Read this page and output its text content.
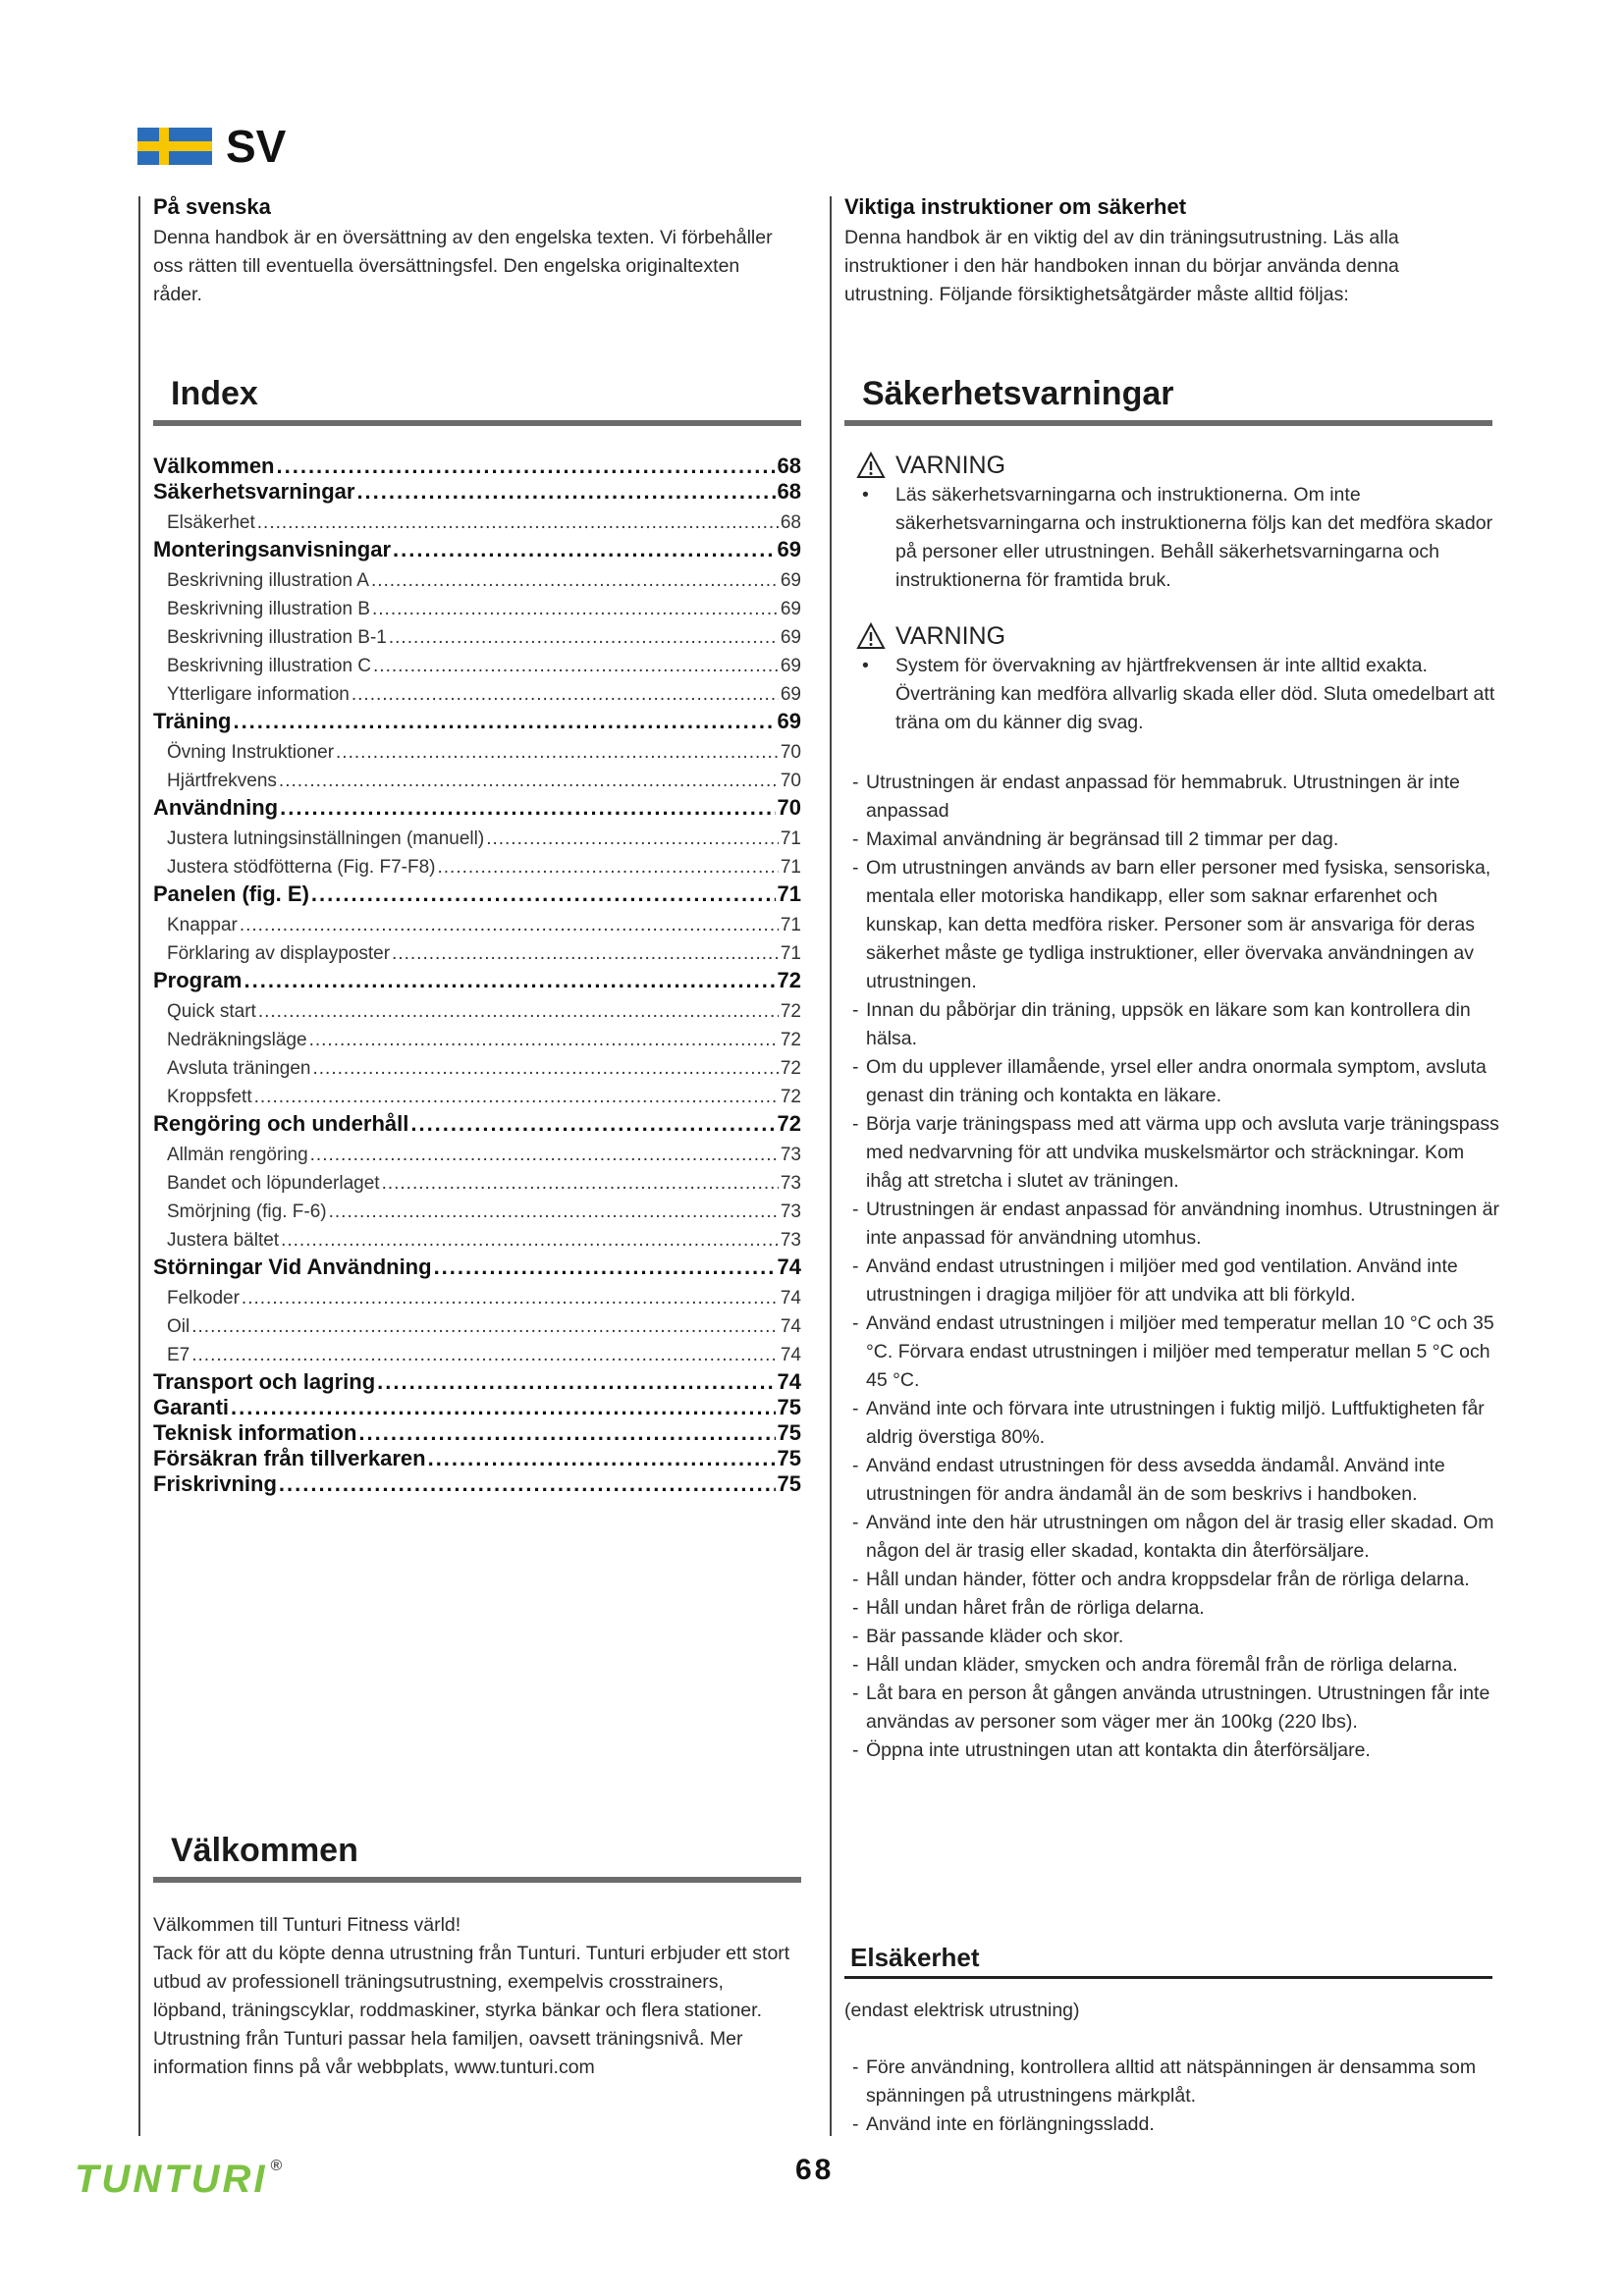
SV
På svenska

Denna handbok är en översättning av den engelska texten. Vi förbehåller oss rätten till eventuella översättningsfel. Den engelska originaltexten råder.

Viktiga instruktioner om säkerhet

Denna handbok är en viktig del av din träningsutrustning. Läs alla instruktioner i den här handboken innan du börjar använda denna utrustning. Följande försiktighetsåtgärder måste alltid följas:

Index
Välkommen .....	68
Säkerhetsvarningar .....	68
Elsäkerhet .....	68
Monteringsanvisningar .....	69
Beskrivning illustration A .....	69
Beskrivning illustration B .....	69
Beskrivning illustration B-1 .....	69
Beskrivning illustration C .....	69
Ytterligare information .....	69
Träning .....	69
Övning Instruktioner .....	70
Hjärtfrekvens .....	70
Användning .....	70
Justera lutningsinställningen (manuell) .....	71
Justera stödfötterna (Fig. F7-F8) .....	71
Panelen (fig. E) .....	71
Knappar .....	71
Förklaring av displayposter .....	71
Program .....	72
Quick start .....	72
Nedräkningsläge .....	72
Avsluta träningen .....	72
Kroppsfett .....	72
Rengöring och underhåll .....	72
Allmän rengöring .....	73
Bandet och löpunderlaget .....	73
Smörjning (fig. F-6) .....	73
Justera bältet .....	73
Störningar Vid Användning .....	74
Felkoder .....	74
Oil .....	74
E7 .....	74
Transport och lagring .....	74
Garanti .....	75
Teknisk information .....	75
Försäkran från tillverkaren .....	75
Friskrivning .....	75
Välkommen

Välkommen till Tunturi Fitness värld!

Tack för att du köpte denna utrustning från Tunturi. Tunturi erbjuder ett stort utbud av professionell träningsutrustning, exempelvis crosstrainers, löpband, träningscyklar, roddmaskiner, styrka bänkar och flera stationer. Utrustning från Tunturi passar hela familjen, oavsett träningsnivå. Mer information finns på vår webbplats, www.tunturi.com

Säkerhetsvarningar
VARNING
• Läs säkerhetsvarningarna och instruktionerna. Om inte säkerhetsvarningarna och instruktionerna följs kan det medföra skador på personer eller utrustningen. Behåll säkerhetsvarningarna och instruktionerna för framtida bruk.
VARNING
• System för övervakning av hjärtfrekvensen är inte alltid exakta. Överträning kan medföra allvarlig skada eller död. Sluta omedelbart att träna om du känner dig svag.
- Utrustningen är endast anpassad för hemmabruk. Utrustningen är inte anpassad
- Maximal användning är begränsad till 2 timmar per dag.
- Om utrustningen används av barn eller personer med fysiska, sensoriska, mentala eller motoriska handikapp, eller som saknar erfarenhet och kunskap, kan detta medföra risker. Personer som är ansvariga för deras säkerhet måste ge tydliga instruktioner, eller övervaka användningen av utrustningen.
- Innan du påbörjar din träning, uppsök en läkare som kan kontrollera din hälsa.
- Om du upplever illamående, yrsel eller andra onormala symptom, avsluta genast din träning och kontakta en läkare.
- Börja varje träningspass med att värma upp och avsluta varje träningspass med nedvarvning för att undvika muskelsmärtor och sträckningar. Kom ihåg att stretcha i slutet av träningen.
- Utrustningen är endast anpassad för användning inomhus. Utrustningen är inte anpassad för användning utomhus.
- Använd endast utrustningen i miljöer med god ventilation. Använd inte utrustningen i dragiga miljöer för att undvika att bli förkyld.
- Använd endast utrustningen i miljöer med temperatur mellan 10 °C och 35 °C. Förvara endast utrustningen i miljöer med temperatur mellan 5 °C och 45 °C.
- Använd inte och förvara inte utrustningen i fuktig miljö. Luftfuktigheten får aldrig överstiga 80%.
- Använd endast utrustningen för dess avsedda ändamål. Använd inte utrustningen för andra ändamål än de som beskrivs i handboken.
- Använd inte den här utrustningen om någon del är trasig eller skadad. Om någon del är trasig eller skadad, kontakta din återförsäljare.
- Håll undan händer, fötter och andra kroppsdelar från de rörliga delarna.
- Håll undan håret från de rörliga delarna.
- Bär passande kläder och skor.
- Håll undan kläder, smycken och andra föremål från de rörliga delarna.
- Låt bara en person åt gången använda utrustningen. Utrustningen får inte användas av personer som väger mer än 100kg (220 lbs).
- Öppna inte utrustningen utan att kontakta din återförsäljare.
Elsäkerhet
(endast elektrisk utrustning)
- Före användning, kontrollera alltid att nätspänningen är densamma som spänningen på utrustningens märkplåt.
- Använd inte en förlängningssladd.
TUNTURI ®	68
